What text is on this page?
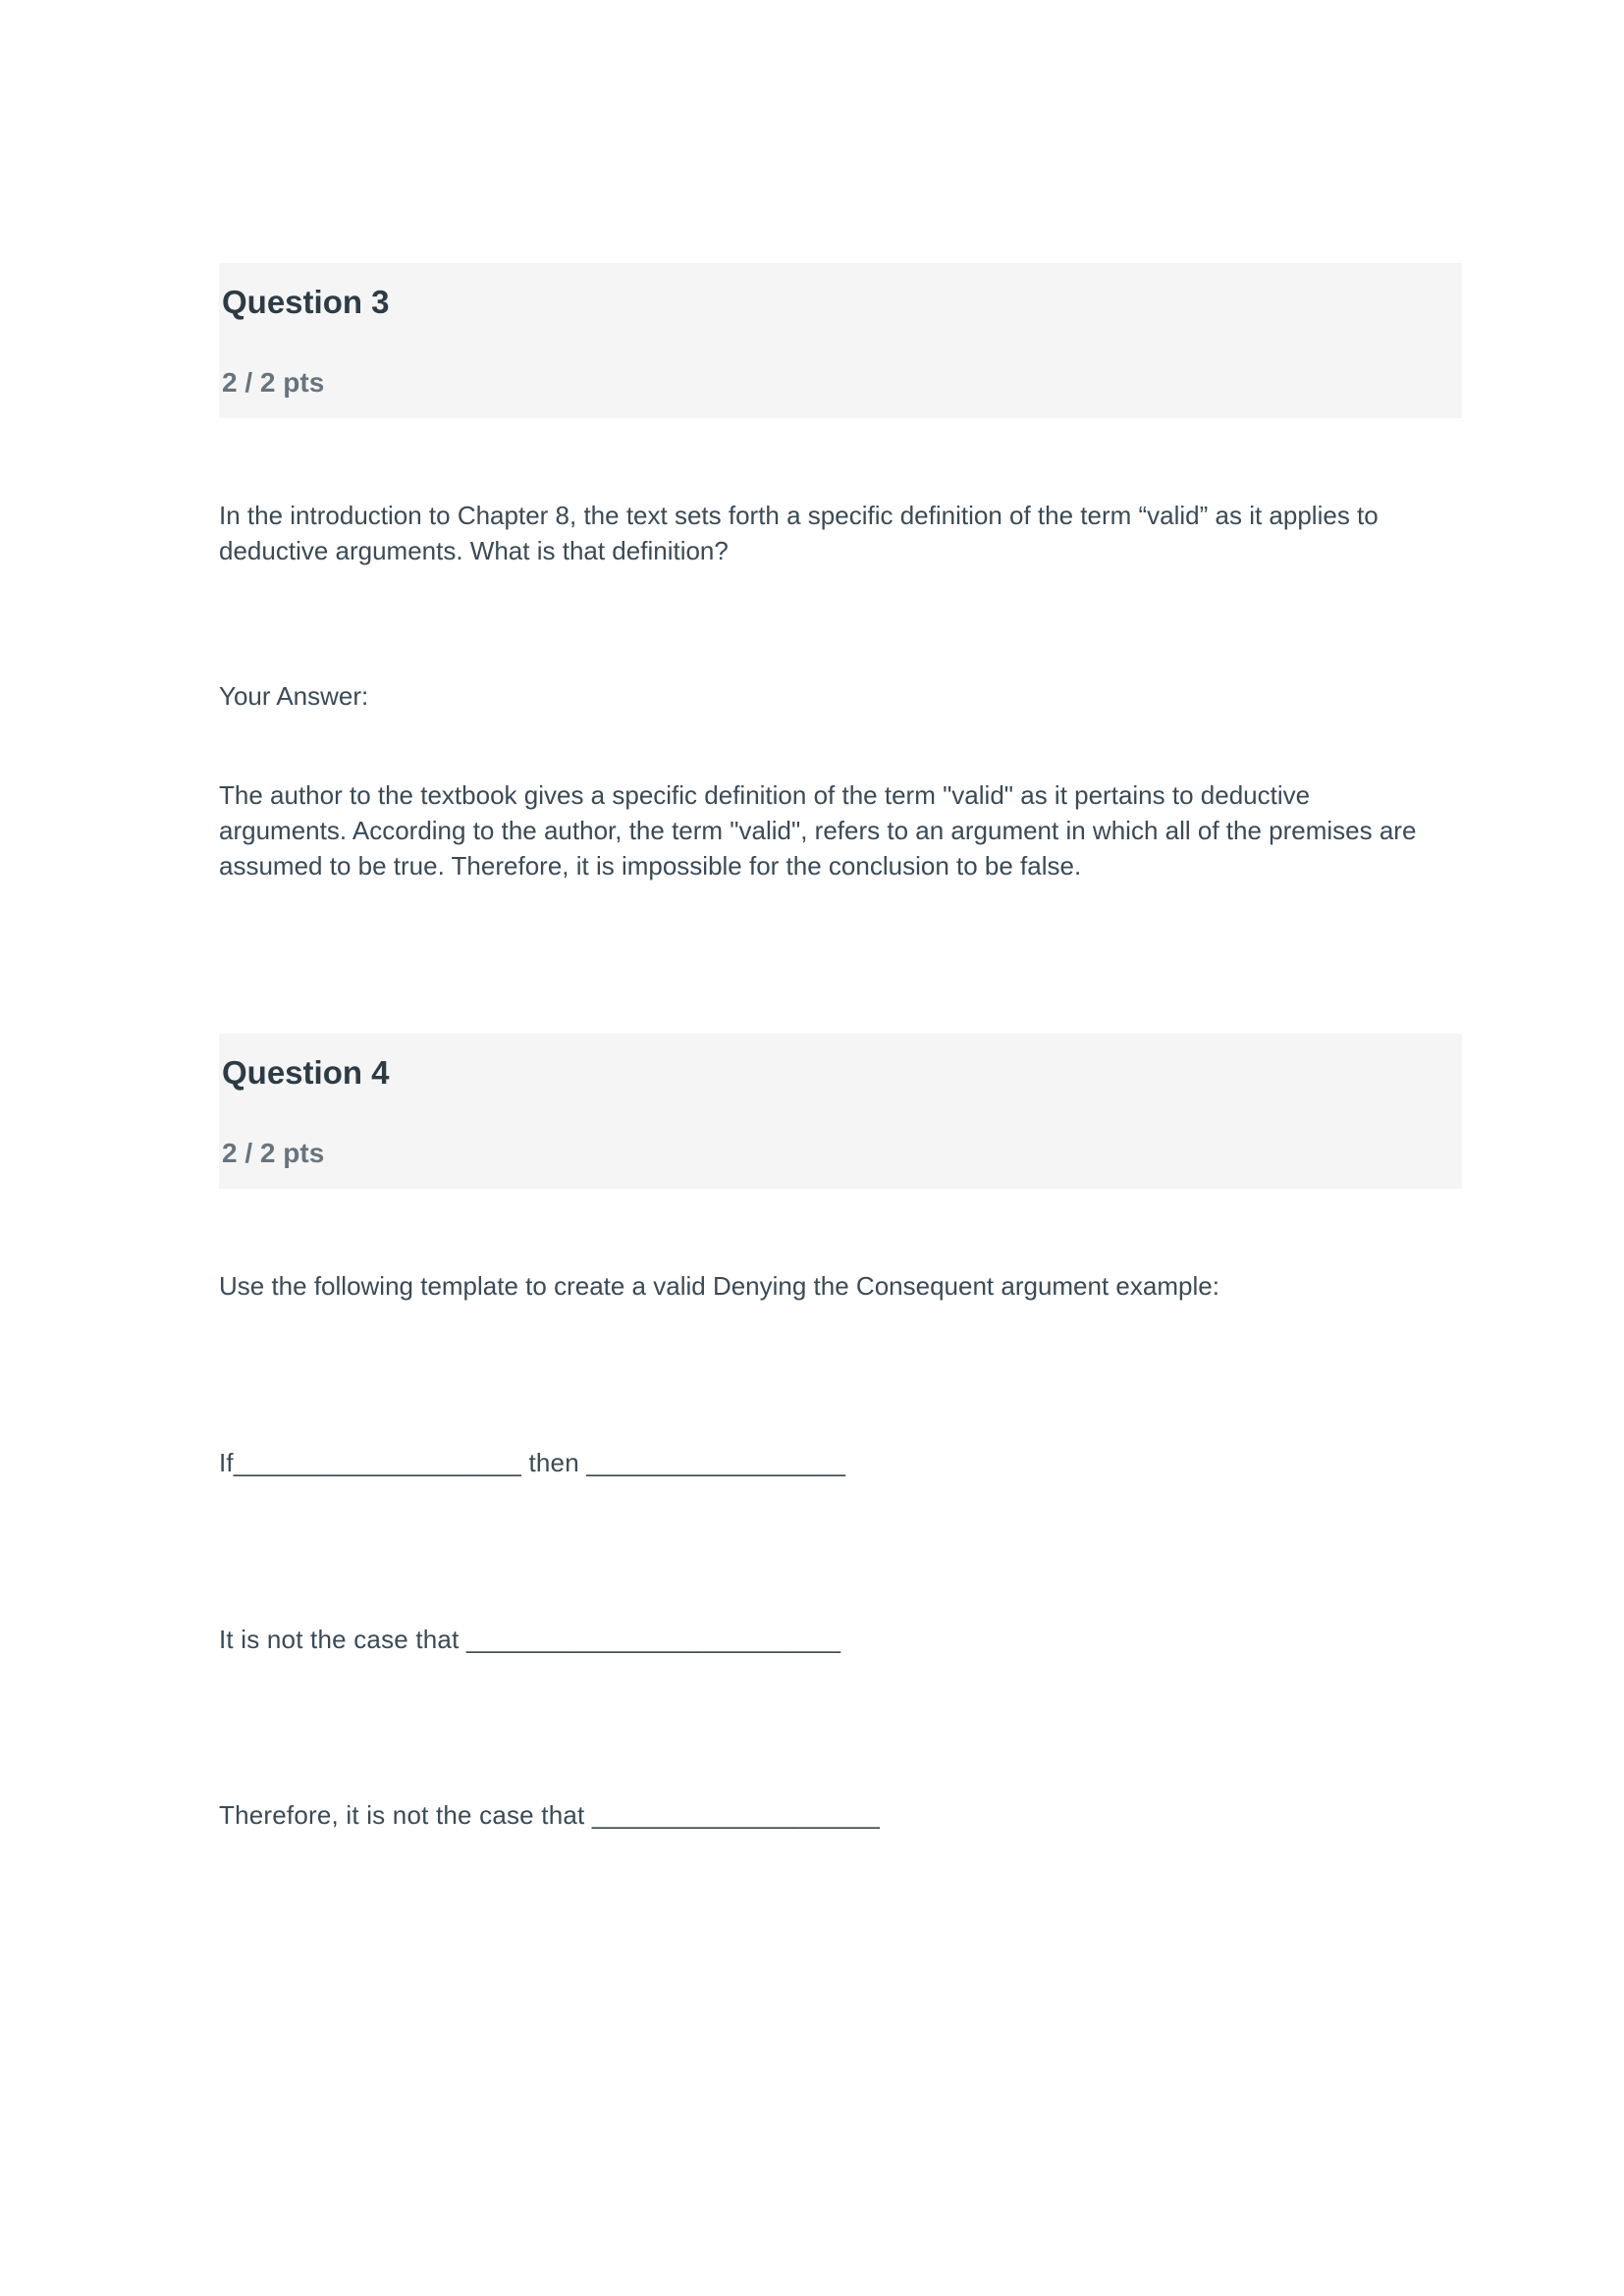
Question 3
2 / 2 pts

In the introduction to Chapter 8, the text sets forth a specific definition of the term “valid” as it applies to deductive arguments. What is that definition?

Your Answer:

The author to the textbook gives a specific definition of the term "valid" as it pertains to deductive arguments. According to the author, the term "valid", refers to an argument in which all of the premises are assumed to be true. Therefore, it is impossible for the conclusion to be false.

Question 4
2 / 2 pts

Use the following template to create a valid Denying the Consequent argument example:

If____________________ then __________________

It is not the case that __________________________

Therefore, it is not the case that ____________________
